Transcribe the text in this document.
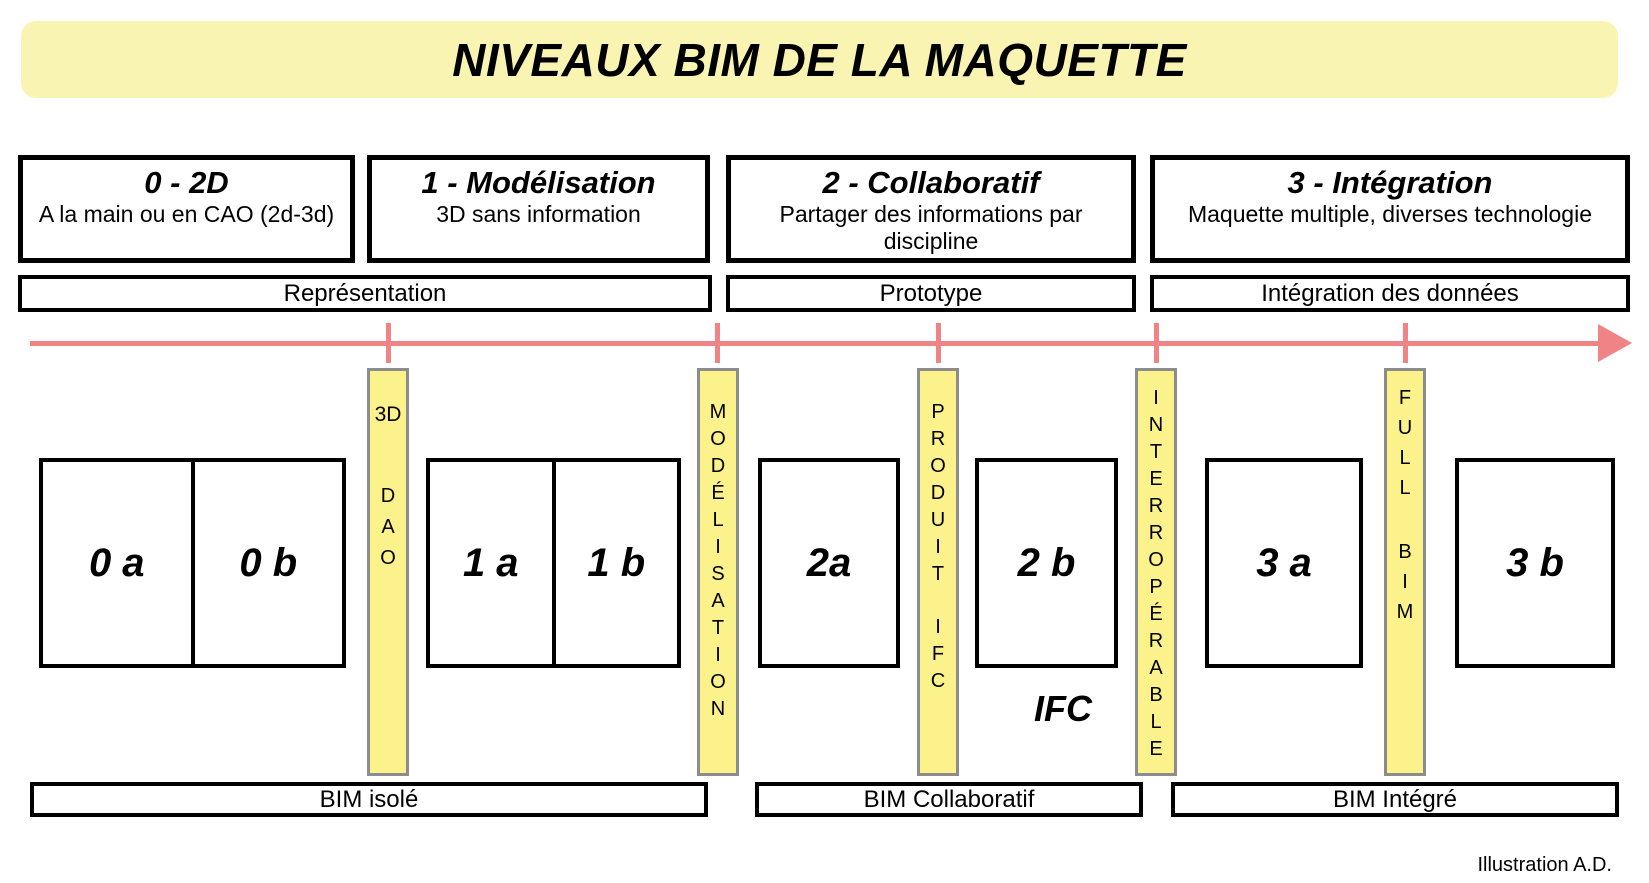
NIVEAUX BIM DE LA MAQUETTE
0 - 2D
A la main ou en CAO (2d-3d)
1 - Modélisation
3D sans information
2 - Collaboratif
Partager des informations par discipline
3 - Intégration
Maquette multiple, diverses technologie
Représentation	Prototype	Intégration des données
3D
DAO	MODÉLISATION	PRODUIT
IFC	INTERROPÉRABLE	FULL
BIM
0 a	0 b	1 a	1 b	2a	2 b	3 a	3 b
IFC
BIM isolé	BIM Collaboratif	BIM Intégré
Illustration A.D.
